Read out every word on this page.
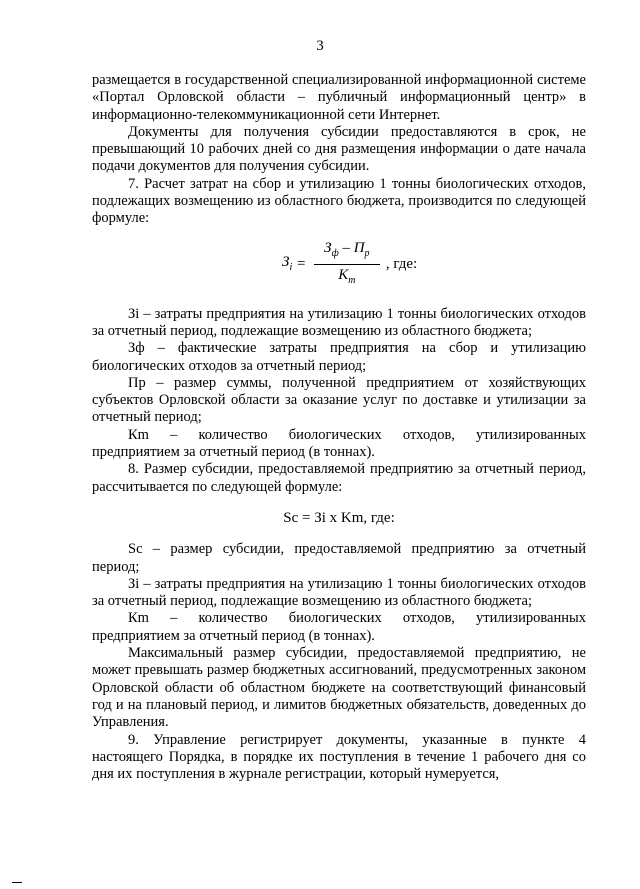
3

размещается в государственной специализированной информационной системе «Портал Орловской области – публичный информационный центр» в информационно-телекоммуникационной сети Интернет.

Документы для получения субсидии предоставляются в срок, не превышающий 10 рабочих дней со дня размещения информации о дате начала подачи документов для получения субсидии.

7. Расчет затрат на сбор и утилизацию 1 тонны биологических отходов, подлежащих возмещению из областного бюджета, производится по следующей формуле:

$З_i = \frac{З_ф - П_р}{К_m}$ , где:

Зi – затраты предприятия на утилизацию 1 тонны биологических отходов за отчетный период, подлежащие возмещению из областного бюджета;

Зф – фактические затраты предприятия на сбор и утилизацию биологических отходов за отчетный период;

Пр – размер суммы, полученной предприятием от хозяйствующих субъектов Орловской области за оказание услуг по доставке и утилизации за отчетный период;

Кm – количество биологических отходов, утилизированных предприятием за отчетный период (в тоннах).

8. Размер субсидии, предоставляемой предприятию за отчетный период, рассчитывается по следующей формуле:

Sc = Зi x Km, где:

Sc – размер субсидии, предоставляемой предприятию за отчетный период;

Зi – затраты предприятия на утилизацию 1 тонны биологических отходов за отчетный период, подлежащие возмещению из областного бюджета;

Кm – количество биологических отходов, утилизированных предприятием за отчетный период (в тоннах).

Максимальный размер субсидии, предоставляемой предприятию, не может превышать размер бюджетных ассигнований, предусмотренных законом Орловской области об областном бюджете на соответствующий финансовый год и на плановый период, и лимитов бюджетных обязательств, доведенных до Управления.

9. Управление регистрирует документы, указанные в пункте 4 настоящего Порядка, в порядке их поступления в течение 1 рабочего дня со дня их поступления в журнале регистрации, который нумеруется,
